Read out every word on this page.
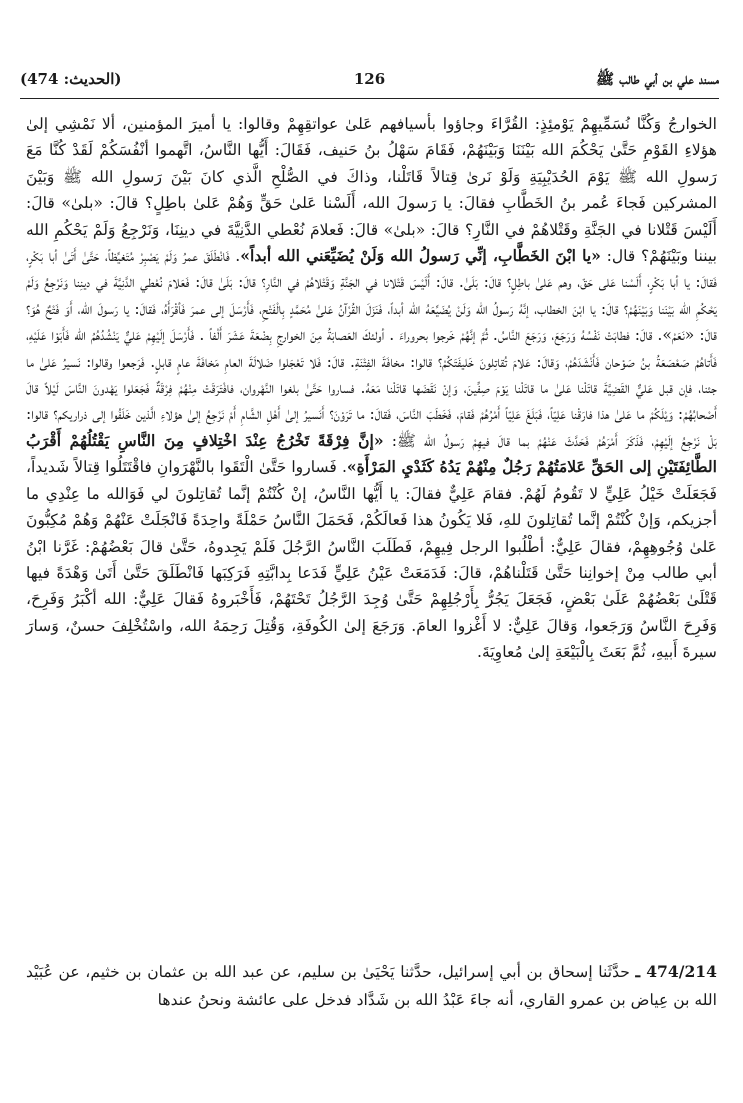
مسند علي بن أبي طالب ﷺ
126
(الحديث: 474)

الخوارجُ وَكُنَّا نُسَمِّيهِمْ يَوْمئِذٍ: القُرَّاءَ وجاؤوا بأسيافهم عَلىٰ عواتقِهِمْ وقالوا: يا أميرَ المؤمنين، ألا نَمْشِي إلىٰ هؤلاءِ القَوْمِ حَتَّىٰ يَحْكُمَ الله بَيْنَنَا وَبَيْنَهُمْ، فَقَامَ سَهْلُ بنُ حَنيف، فَقَالَ: أَيُّها النَّاسُ، اتَّهموا أنْفُسَكُمْ لَقَدْ كُنَّا مَعَ رَسولِ الله ﷺ يَوْمَ الحُدَيْبِيَةِ وَلَوْ نَرىٰ قِتالاً قَاتَلْنا، وذاكَ في الصُّلْحِ الَّذي كانَ بَيْنَ رَسولِ الله ﷺ وَبَيْنَ المشركين فَجاءَ عُمر بنُ الخَطَّابِ فقالَ: يا رَسولَ الله، أَلَسْنا عَلىٰ حَقٍّ وَهُمْ عَلىٰ باطِلٍ؟ قالَ: «بلىٰ» قالَ: أَلَيْسَ قَتْلانا في الجَنَّةِ وقَتْلاهُمْ في النَّارِ؟ قالَ: «بلىٰ» قالَ: فَعلامَ نُعْطي الدَّنِيَّةَ في دينِنَا، وَنَرْجِعُ وَلَمْ يَحْكُمِ الله بيننا وبَيْنَهُمْ؟ قال: «يا ابْنَ الخَطَّابِ، إنِّي رَسولُ الله وَلَنْ يُضَيِّعَني الله أبداً». فَانْطَلَقَ عمرُ وَلَمْ يَصْبِرْ مُتَغيِّظاً، حَتَّىٰ أَتَىٰ أبا بَكْرٍ، فَقالَ: يا أبا بَكْرٍ، أَلَسْنا عَلى حَقّ، وهم عَلىٰ باطِلٍ؟ قالَ: بَلَىٰ. قالَ: أَلَيْسَ قَتْلانا في الجَنَّةِ وَقَتْلاهُمْ في النَّارِ؟ قالَ: بَلَىٰ قالَ: فَعَلامَ نُعْطي الدَّنِيَّةَ في دينِنا وَنَرْجِعُ وَلَمْ يَحْكُمِ الله بَيْنَنا وَبَيْنَهُمْ؟ قالَ: يا ابْنَ الخطاب، إنَّهُ رَسولُ الله وَلَنْ يُضَيِّعَهُ الله أبداً، فَنَزَلَ القُرْآنُ عَلىٰ مُحَمَّدٍ بِالْفَتْحِ، فَأَرْسَلَ إلى عمرَ فَأقْرَأَهُ، فَقالَ: يا رَسولَ الله، أَوَ فَتْحٌ هُوَ؟ قالَ: «نَعَمْ». قالَ: فطابَتْ نَفْسُهُ وَرَجَعَ، وَرَجَعَ النَّاسُ. ثُمَّ إنَّهُمْ خَرجوا بحروراءَ . أولئكَ العَصابَةُ مِنَ الخوارجِ بِضْعَةَ عَشَرَ أَلْفاً . فَأَرْسَلَ إلَيْهِمْ عَليٌّ يَنْشُدُهُمُ الله فَأَبَوْا عَلَيْهِ، فَأَتاهُمْ صَعْصَعَةُ بنُ صَوْحان فَأَنْشَدَهُمْ، وَقالَ: عَلامَ تُقاتِلونَ خَليفَتَكُمْ؟ قالوا: مخافَةَ الفِتْنَةِ. قالَ: فَلا تَعْجَلوا ضَلالَةَ العامِ مَخافَةَ عامٍ قابلٍ. فَرَجعوا وقالوا: نَسيرُ عَلىٰ ما جئنا، فإن قبل عَليٌّ القَضِيَّةَ قاتَلْنا عَلىٰ ما قاتَلْنا يَوْمَ صِفِّينَ، وَإنْ نَقَضَها قاتَلْنا مَعَهُ. فساروا حَتَّىٰ بلغوا النَّهْروان، فافْتَرَقَتْ مِنْهُمْ فِرْقَةٌ فَجَعَلوا يَهْدونَ النَّاسَ لَيْلاً قالَ أَصْحابُهُمْ: وَيْلَكُمْ ما عَلىٰ هذا فارَقْنا عَلِيّاً، فَبَلَغَ عَلِيّاً أَمْرُهُمْ فَقامَ، فَخَطَبَ النَّاسَ، فَقالَ: ما تَرَوْنَ؟ أَنَسيرُ إلىٰ أَهْلِ الشَّامِ أَمْ نَرْجِعُ إلىٰ هؤلاءِ الَّذين خَلَفُوا إلى ذراريكم؟ قالوا: بَلْ نَرْجِعُ إلَيْهِمْ، فَذَكَرَ أَمْرَهُمْ فَحَدَّثَ عَنْهُمْ بما قالَ فيهِمْ رَسولُ الله ﷺ: «إنَّ فِرْقَةً تَخْرُجُ عِنْدَ اخْتِلافٍ مِنَ النَّاسِ يَقْتُلُهُمْ أَقْرَبُ الطَّائِفَتَيْنِ إلى الحَقِّ عَلامَتُهُمْ رَجُلٌ مِنْهُمْ يَدُهُ كَثَدْيِ المَرْأَةِ». فَساروا حَتَّىٰ الْتَقَوا بالنَّهْرَوانِ فاقْتَتَلُوا قِتالاً شَديداً، فَجَعَلَتْ خَيْلُ عَلِيٍّ لا تَقُومُ لَهُمْ. فقامَ عَلِيٌّ فقالَ: يا أَيُّها النَّاسُ، إنْ كُنْتُمْ إنَّما تُقاتِلونَ لي فَوَالله ما عِنْدِي ما أجزيكم، وَإنْ كُنْتُمْ إنَّما تُقاتِلونَ للهِ، فَلا يَكُونُ هذا فَعالَكُمْ، فَحَمَلَ النَّاسُ حَمْلَةً واحِدَةً فَانْجَلَتْ عَنْهُمْ وَهُمْ مُكِبُّونَ عَلىٰ وُجُوهِهِمْ، فقالَ عَلِيٌّ: أطْلُبوا الرجل فِيهِمْ، فَطَلَبَ النَّاسُ الرَّجُلَ فَلَمْ يَجِدوهُ، حَتَّىٰ قالَ بَعْضُهُمْ: غَرَّنا ابْنُ أبي طالب مِنْ إخوانِنا حَتَّىٰ قَتَلْناهُمْ، قالَ: فَدَمَعَتْ عَيْنُ عَلِيٍّ فَدَعا بِدابَّتِهِ فَرَكِبَها فَانْطَلَقَ حَتَّىٰ أَتَىٰ وَهْدَةً فيها قَتْلَىٰ بَعْضُهُمْ عَلَىٰ بَعْضٍ، فَجَعَلَ يَجُرُّ بِأَرْجُلِهِمْ حَتَّىٰ وُجِدَ الرَّجُلُ تَحْتَهُمْ، فَأَخْبَروهُ فَقالَ عَلِيٌّ: الله أكْبَرُ وَفَرِحَ، وَفَرِحَ النَّاسُ وَرَجَعوا، وَقالَ عَلِيٌّ: لا أَغْزوا العامَ. وَرَجَعَ إلىٰ الكُوفَةِ، وَقُتِلَ رَحِمَهُ الله، واسْتُخْلِفَ حسنٌ، وَسارَ سيرةَ أَبيهِ، ثُمَّ بَعَثَ بِالْبَيْعَةِ إلىٰ مُعاوِيَةَ.

474/214 ـ حدَّثَنا إسحاق بن أبي إسرائيل، حدَّثنا يَحْيَىٰ بن سليم، عن عبد الله بن عثمان بن خثيم، عن عُبَيْد الله بن عِياض بن عمرو القاري، أنه جاءَ عَبْدُ الله بن شَدَّاد فدخل على عائشة ونحنُ عندها
